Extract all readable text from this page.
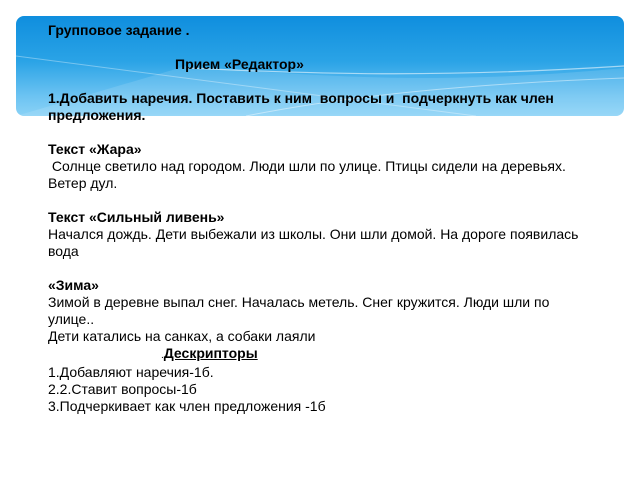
Групповое задание .
Прием «Редактор»
1.Добавить наречия. Поставить к ним  вопросы и  подчеркнуть как член
предложения.
Текст «Жара»
Солнце светило над городом. Люди шли по улице. Птицы сидели на деревьях.
Ветер дул.
Текст «Сильный ливень»
Начался дождь. Дети выбежали из школы. Они шли домой. На дороге появилась
вода
«Зима»
Зимой в деревне выпал снег. Началась метель. Снег кружится. Люди шли по
улице..
Дети катались на санках, а собаки лаяли
.Дескрипторы
1.Добавляют наречия-1б.
2.2.Ставит вопросы-1б
3.Подчеркивает как член предложения -1б
